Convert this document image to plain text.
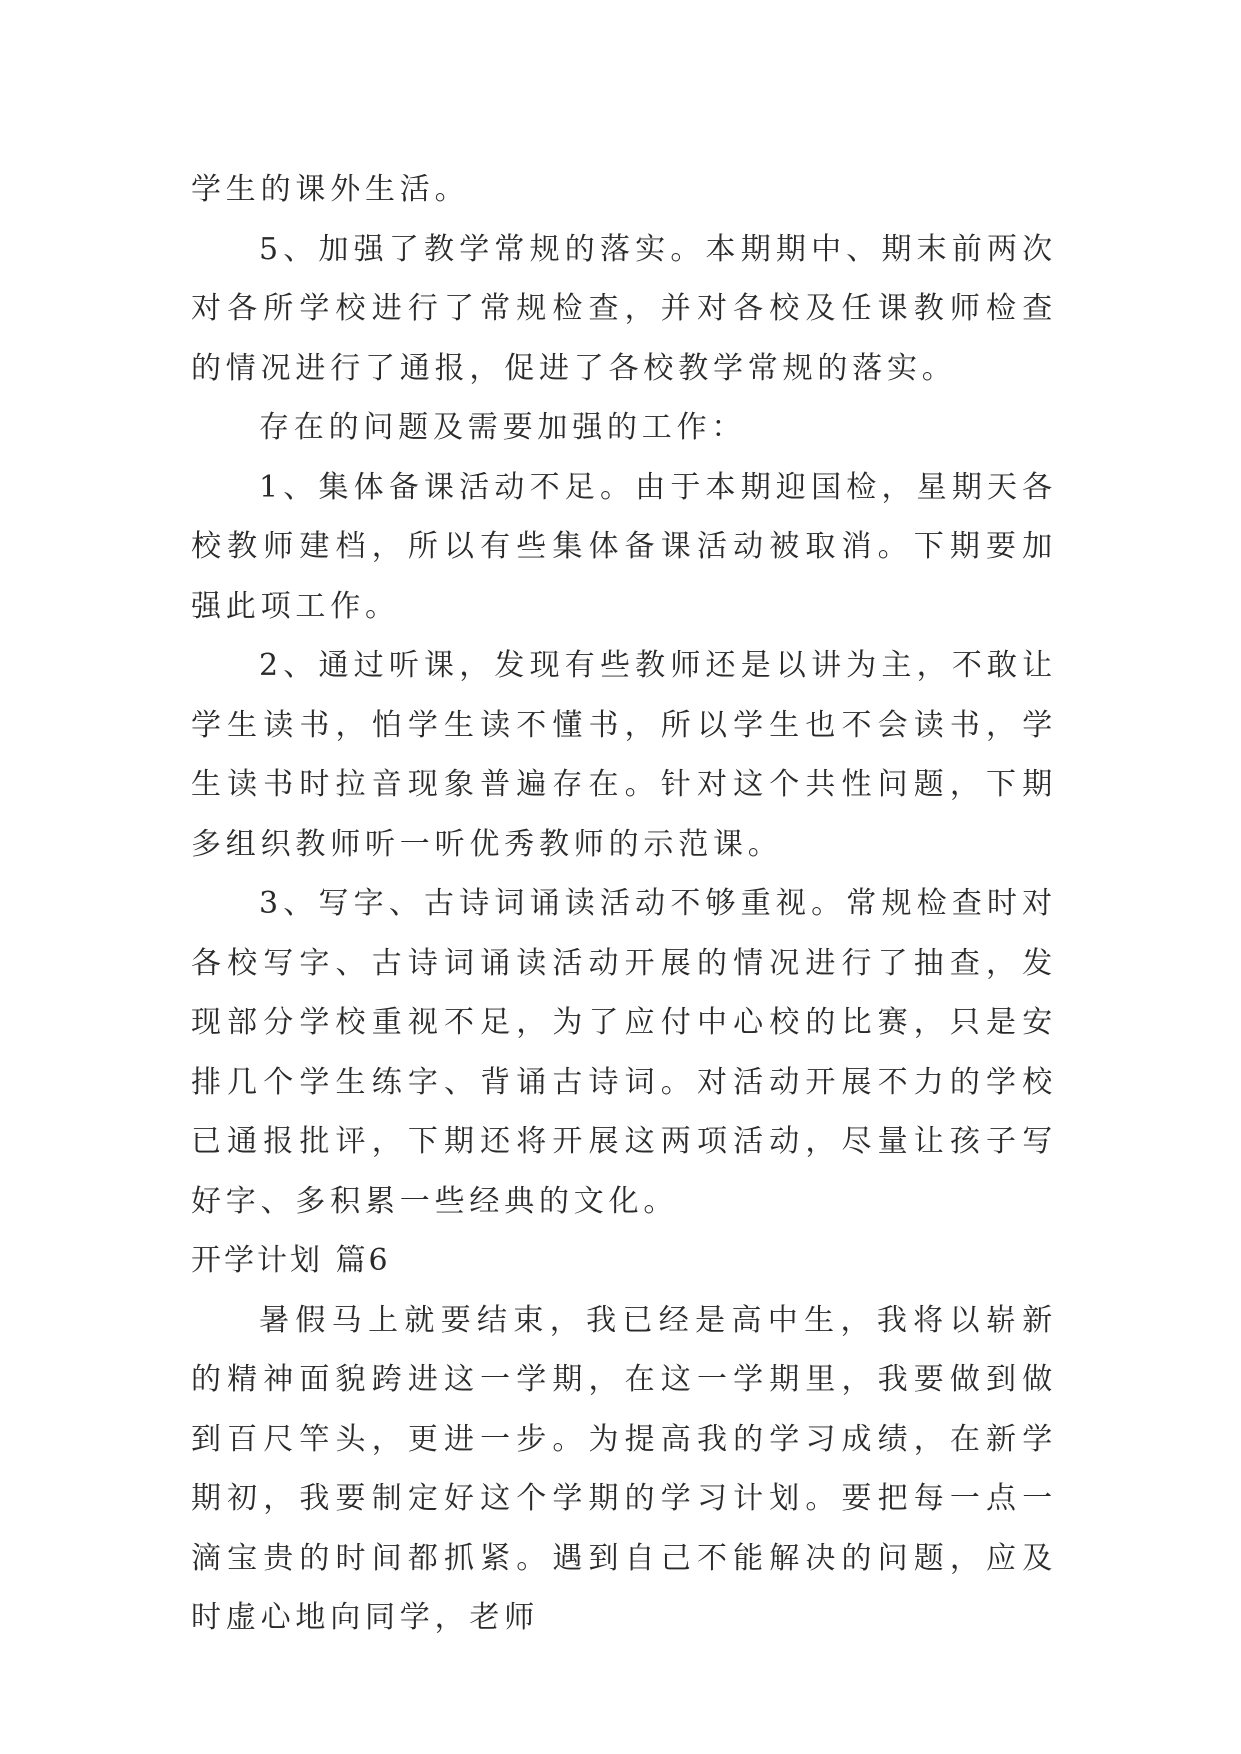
学生的课外生活。

5、加强了教学常规的落实。本期期中、期末前两次对各所学校进行了常规检查，并对各校及任课教师检查的情况进行了通报，促进了各校教学常规的落实。

存在的问题及需要加强的工作：

1、集体备课活动不足。由于本期迎国检，星期天各校教师建档，所以有些集体备课活动被取消。下期要加强此项工作。

2、通过听课，发现有些教师还是以讲为主，不敢让学生读书，怕学生读不懂书，所以学生也不会读书，学生读书时拉音现象普遍存在。针对这个共性问题，下期多组织教师听一听优秀教师的示范课。

3、写字、古诗词诵读活动不够重视。常规检查时对各校写字、古诗词诵读活动开展的情况进行了抽查，发现部分学校重视不足，为了应付中心校的比赛，只是安排几个学生练字、背诵古诗词。对活动开展不力的学校已通报批评，下期还将开展这两项活动，尽量让孩子写好字、多积累一些经典的文化。

开学计划 篇6

暑假马上就要结束，我已经是高中生，我将以崭新的精神面貌跨进这一学期，在这一学期里，我要做到做到百尺竿头，更进一步。为提高我的学习成绩，在新学期初，我要制定好这个学期的学习计划。要把每一点一滴宝贵的时间都抓紧。遇到自己不能解决的问题，应及时虚心地向同学，老师
